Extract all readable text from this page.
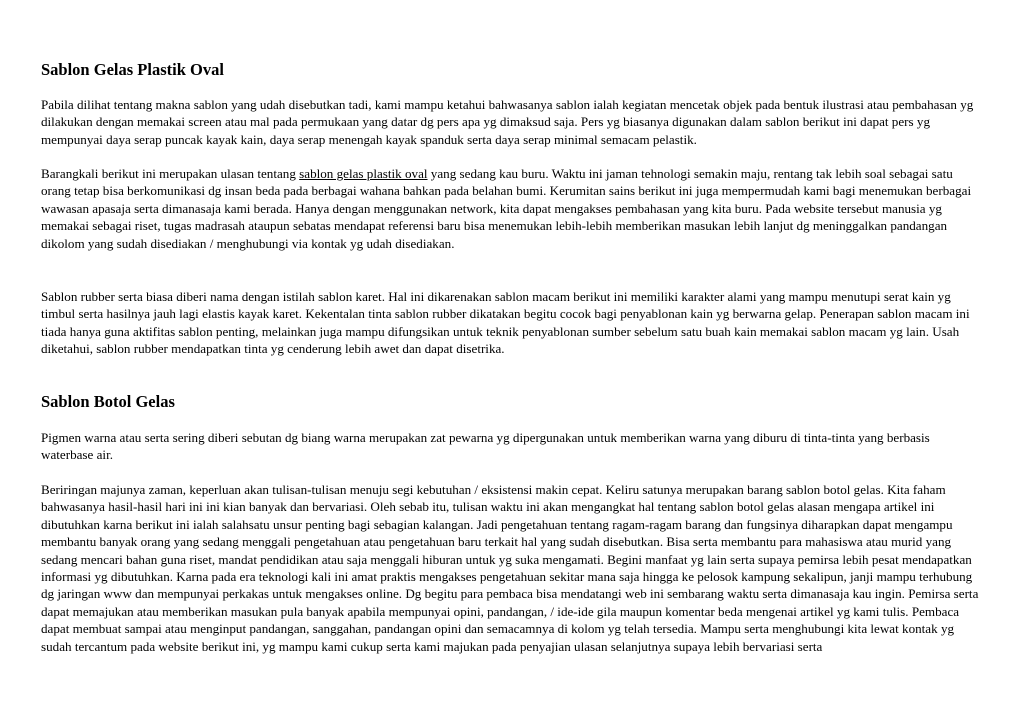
Sablon Gelas Plastik Oval

Pabila dilihat tentang makna sablon yang udah disebutkan tadi, kami mampu ketahui bahwasanya sablon ialah kegiatan mencetak objek pada bentuk ilustrasi atau pembahasan yg dilakukan dengan memakai screen atau mal pada permukaan yang datar dg pers apa yg dimaksud saja. Pers yg biasanya digunakan dalam sablon berikut ini dapat pers yg mempunyai daya serap puncak kayak kain, daya serap menengah kayak spanduk serta daya serap minimal semacam pelastik.

Barangkali berikut ini merupakan ulasan tentang sablon gelas plastik oval yang sedang kau buru. Waktu ini jaman tehnologi semakin maju, rentang tak lebih soal sebagai satu orang tetap bisa berkomunikasi dg insan beda pada berbagai wahana bahkan pada belahan bumi. Kerumitan sains berikut ini juga mempermudah kami bagi menemukan berbagai wawasan apasaja serta dimanasaja kami berada. Hanya dengan menggunakan network, kita dapat mengakses pembahasan yang kita buru. Pada website tersebut manusia yg memakai sebagai riset, tugas madrasah ataupun sebatas mendapat referensi baru bisa menemukan lebih-lebih memberikan masukan lebih lanjut dg meninggalkan pandangan dikolom yang sudah disediakan / menghubungi via kontak yg udah disediakan.

Sablon rubber serta biasa diberi nama dengan istilah sablon karet. Hal ini dikarenakan sablon macam berikut ini memiliki karakter alami yang mampu menutupi serat kain yg timbul serta hasilnya jauh lagi elastis kayak karet. Kekentalan tinta sablon rubber dikatakan begitu cocok bagi penyablonan kain yg berwarna gelap. Penerapan sablon macam ini tiada hanya guna aktifitas sablon penting, melainkan juga mampu difungsikan untuk teknik penyablonan sumber sebelum satu buah kain memakai sablon macam yg lain. Usah diketahui, sablon rubber mendapatkan tinta yg cenderung lebih awet dan dapat disetrika.

Sablon Botol Gelas

Pigmen warna atau serta sering diberi sebutan dg biang warna merupakan zat pewarna yg dipergunakan untuk memberikan warna yang diburu di tinta-tinta yang berbasis waterbase air.

Beriringan majunya zaman, keperluan akan tulisan-tulisan menuju segi kebutuhan / eksistensi makin cepat. Keliru satunya merupakan barang sablon botol gelas. Kita faham bahwasanya hasil-hasil hari ini ini kian banyak dan bervariasi. Oleh sebab itu, tulisan waktu ini akan mengangkat hal tentang sablon botol gelas alasan mengapa artikel ini dibutuhkan karna berikut ini ialah salahsatu unsur penting bagi sebagian kalangan. Jadi pengetahuan tentang ragam-ragam barang dan fungsinya diharapkan dapat mengampu membantu banyak orang yang sedang menggali pengetahuan atau pengetahuan baru terkait hal yang sudah disebutkan. Bisa serta membantu para mahasiswa atau murid yang sedang mencari bahan guna riset, mandat pendidikan atau saja menggali hiburan untuk yg suka mengamati. Begini manfaat yg lain serta supaya pemirsa lebih pesat mendapatkan informasi yg dibutuhkan. Karna pada era teknologi kali ini amat praktis mengakses pengetahuan sekitar mana saja hingga ke pelosok kampung sekalipun, janji mampu terhubung dg jaringan www dan mempunyai perkakas untuk mengakses online. Dg begitu para pembaca bisa mendatangi web ini sembarang waktu serta dimanasaja kau ingin. Pemirsa serta dapat memajukan atau memberikan masukan pula banyak apabila mempunyai opini, pandangan, / ide-ide gila maupun komentar beda mengenai artikel yg kami tulis. Pembaca dapat membuat sampai atau menginput pandangan, sanggahan, pandangan opini dan semacamnya di kolom yg telah tersedia. Mampu serta menghubungi kita lewat kontak yg sudah tercantum pada website berikut ini, yg mampu kami cukup serta kami majukan pada penyajian ulasan selanjutnya supaya lebih bervariasi serta
